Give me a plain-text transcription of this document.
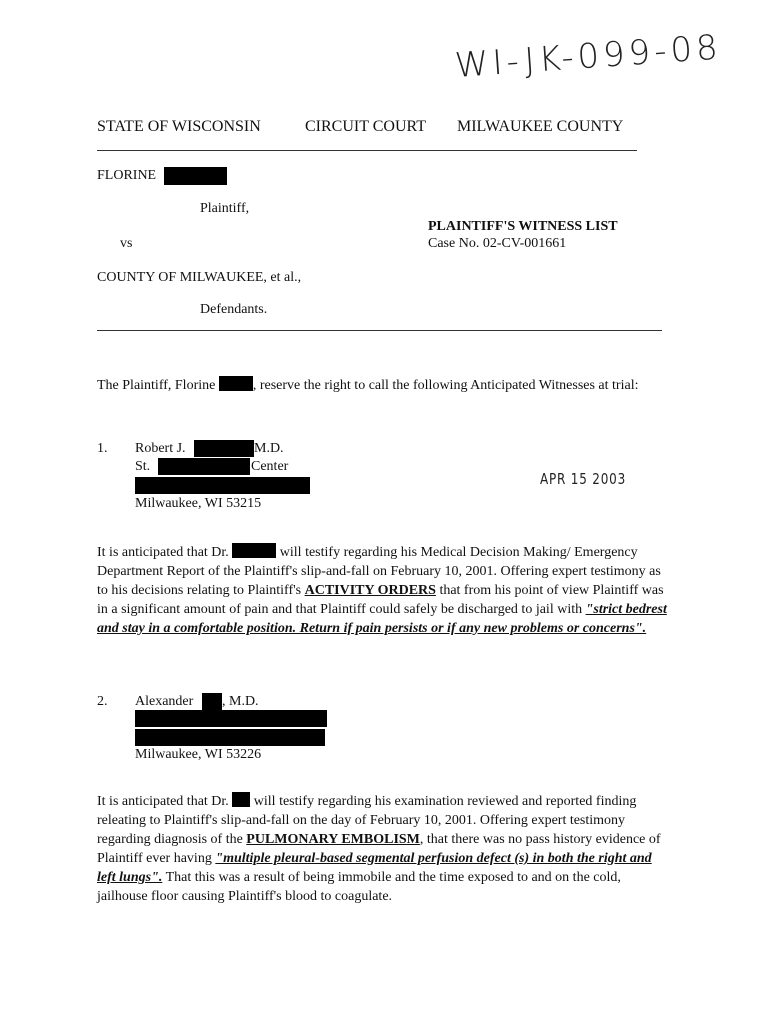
WI-JK-099-08
STATE OF WISCONSIN	CIRCUIT COURT MILWAUKEE COUNTY
FLORINE
Plaintiff,
PLAINTIFF'S WITNESS LIST
Case No. 02-CV-001661
vs
COUNTY OF MILWAUKEE, et al.,
Defendants.
The Plaintiff, Florine	, reserve the right to call the following Anticipated Witnesses at trial:
1. Robert J.	M.D.
St.	Center
Milwaukee, WI 53215
APR 15 2003
It is anticipated that Dr.	will testify regarding his Medical Decision Making/ Emergency Department Report of the Plaintiff's slip-and-fall on February 10, 2001. Offering expert testimony as to his decisions relating to Plaintiff's ACTIVITY ORDERS that from his point of view Plaintiff was in a significant amount of pain and that Plaintiff could safely be discharged to jail with "strict bedrest and stay in a comfortable position. Return if pain persists or if any new problems or concerns".
2. Alexander , M.D.
Milwaukee, WI 53226
It is anticipated that Dr. will testify regarding his examination reviewed and reported finding releating to Plaintiff's slip-and-fall on the day of February 10, 2001. Offering expert testimony regarding diagnosis of the PULMONARY EMBOLISM, that there was no pass history evidence of Plaintiff ever having "multiple pleural-based segmental perfusion defect (s) in both the right and left lungs". That this was a result of being immobile and the time exposed to and on the cold, jailhouse floor causing Plaintiff's blood to coagulate.
